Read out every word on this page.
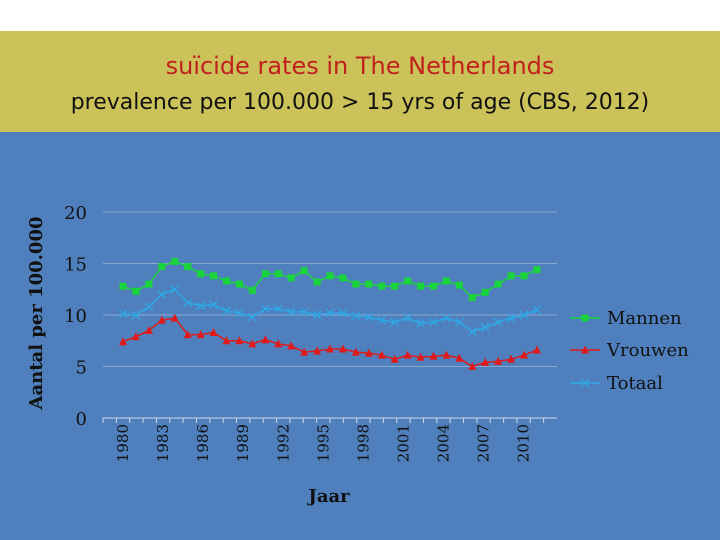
suïcide rates in The Netherlands
prevalence per 100.000 > 15 yrs of age (CBS, 2012)
0
5
10
15
20
1980 1983 1986 1989 1992 1995 1998 2001 2004 2007 2010
Mannen
Vrouwen
Totaal
Jaar
Aantal per 100.000
